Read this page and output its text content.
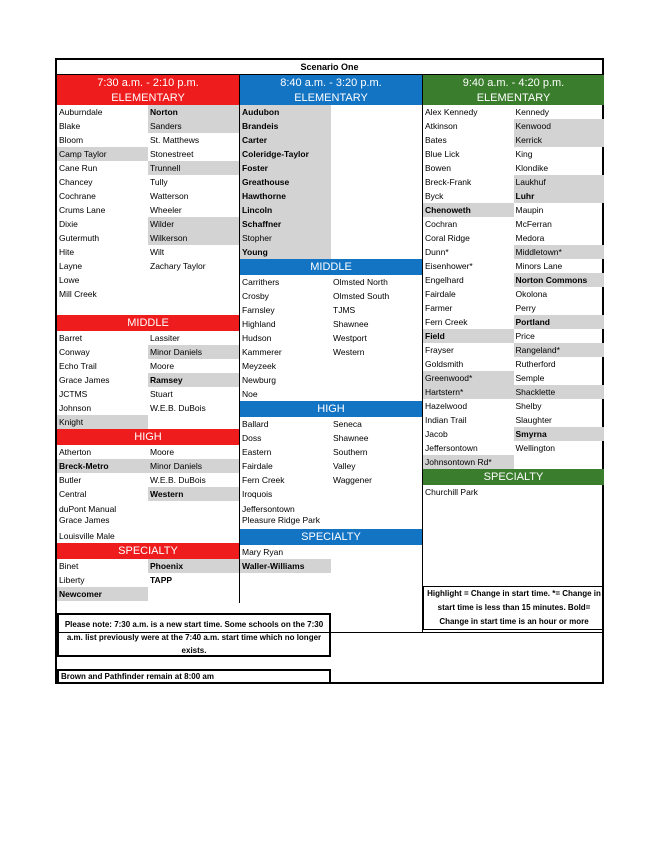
Scenario One
7:30 a.m. - 2:10 p.m.
ELEMENTARY
Auburndale	Norton
Blake	Sanders
Bloom	St. Matthews
Camp Taylor	Stonestreet
Cane Run	Trunnell
Chancey	Tully
Cochrane	Watterson
Crums Lane	Wheeler
Dixie	Wilder
Gutermuth	Wilkerson
Hite	Wilt
Layne	Zachary Taylor
Lowe
Mill Creek
MIDDLE
Barret	Lassiter
Conway	Minor Daniels
Echo Trail	Moore
Grace James	Ramsey
JCTMS	Stuart
Johnson	W.E.B. DuBois
Knight
HIGH
Atherton	Moore
Breck-Metro	Minor Daniels
Butler	W.E.B. DuBois
Central	Western
duPont Manual
Grace James
Louisville Male
SPECIALTY
Binet	Phoenix
Liberty	TAPP
Newcomer
8:40 a.m. - 3:20 p.m.
ELEMENTARY
Audubon
Brandeis
Carter
Coleridge-Taylor
Foster
Greathouse
Hawthorne
Lincoln
Schaffner
Stopher
Young
MIDDLE
Carrithers	Olmsted North
Crosby	Olmsted South
Farnsley	TJMS
Highland	Shawnee
Hudson	Westport
Kammerer	Western
Meyzeek
Newburg
Noe
HIGH
Ballard	Seneca
Doss	Shawnee
Eastern	Southern
Fairdale	Valley
Fern Creek	Waggener
Iroquois
Jeffersontown
Pleasure Ridge Park
SPECIALTY
Mary Ryan
Waller-Williams
9:40 a.m. - 4:20 p.m.
ELEMENTARY
Alex Kennedy	Kennedy
Atkinson	Kenwood
Bates	Kerrick
Blue Lick	King
Bowen	Klondike
Breck-Frank	Laukhuf
Byck	Luhr
Chenoweth	Maupin
Cochran	McFerran
Coral Ridge	Medora
Dunn*	Middletown*
Eisenhower*	Minors Lane
Engelhard	Norton Commons
Fairdale	Okolona
Farmer	Perry
Fern Creek	Portland
Field	Price
Frayser	Rangeland*
Goldsmith	Rutherford
Greenwood*	Semple
Hartstern*	Shacklette
Hazelwood	Shelby
Indian Trail	Slaughter
Jacob	Smyrna
Jeffersontown	Wellington
Johnsontown Rd*
SPECIALTY
Churchill Park
Highlight = Change in start time. *= Change in start time is less than 15 minutes. Bold= Change in start time is an hour or more
Please note: 7:30 a.m. is a new start time. Some schools on the 7:30 a.m. list previously were at the 7:40 a.m. start time which no longer exists.
Brown and Pathfinder remain at 8:00 am
